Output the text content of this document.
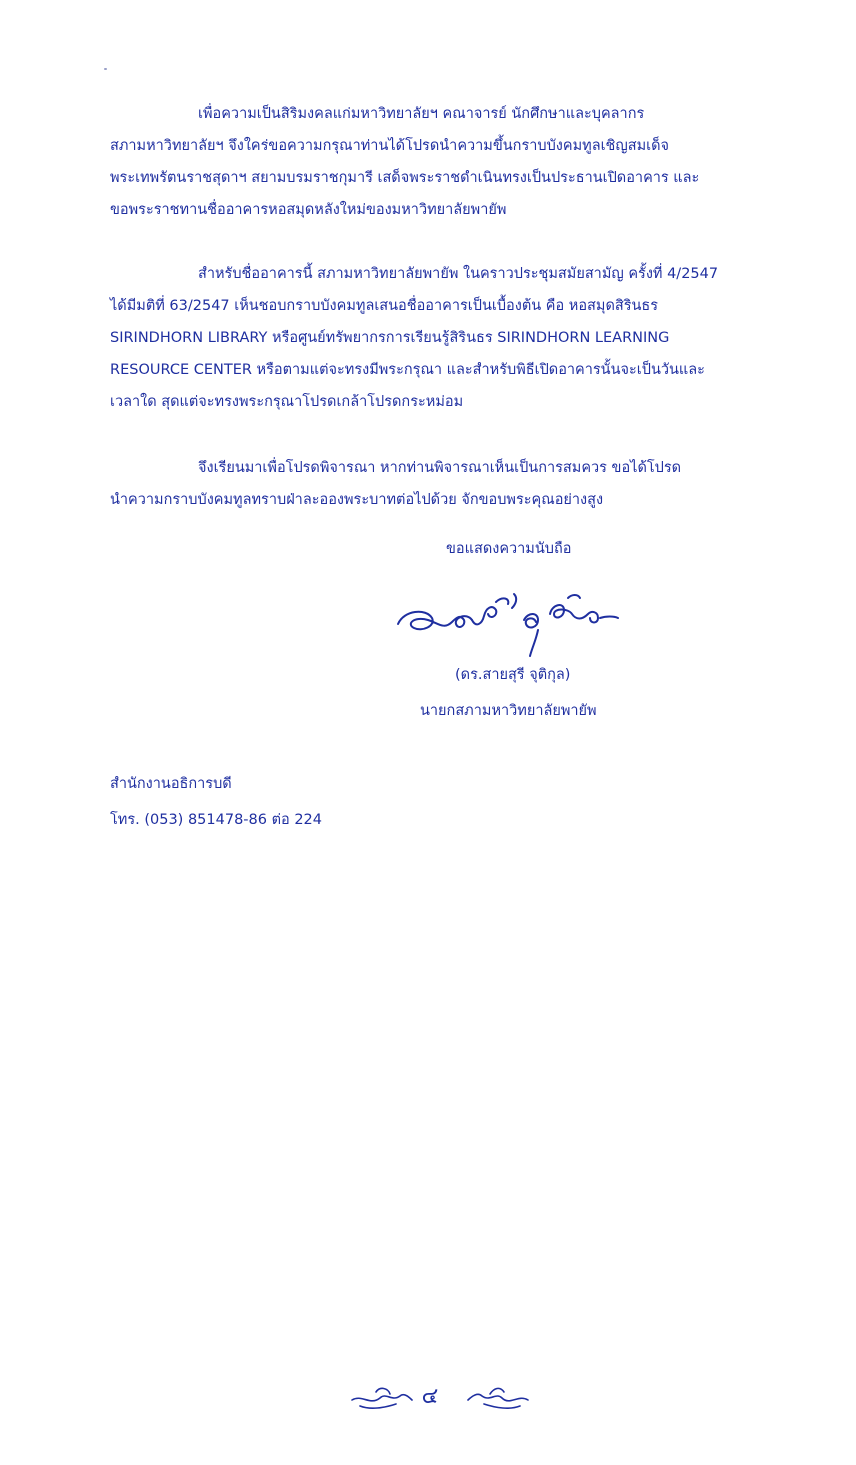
เพื่อความเป็นสิริมงคลแก่มหาวิทยาลัยฯ คณาจารย์ นักศึกษาและบุคลากร
สภามหาวิทยาลัยฯ จึงใคร่ขอความกรุณาท่านได้โปรดนำความขึ้นกราบบังคมทูลเชิญสมเด็จ
พระเทพรัตนราชสุดาฯ สยามบรมราชกุมารี เสด็จพระราชดำเนินทรงเป็นประธานเปิดอาคาร และ
ขอพระราชทานชื่ออาคารหอสมุดหลังใหม่ของมหาวิทยาลัยพายัพ

สำหรับชื่ออาคารนี้ สภามหาวิทยาลัยพายัพ ในคราวประชุมสมัยสามัญ ครั้งที่ 4/2547
ได้มีมติที่ 63/2547 เห็นชอบกราบบังคมทูลเสนอชื่ออาคารเป็นเบื้องต้น คือ หอสมุดสิรินธร
SIRINDHORN LIBRARY หรือศูนย์ทรัพยากรการเรียนรู้สิรินธร SIRINDHORN LEARNING
RESOURCE CENTER หรือตามแต่จะทรงมีพระกรุณา และสำหรับพิธีเปิดอาคารนั้นจะเป็นวันและ
เวลาใด สุดแต่จะทรงพระกรุณาโปรดเกล้าโปรดกระหม่อม

จึงเรียนมาเพื่อโปรดพิจารณา หากท่านพิจารณาเห็นเป็นการสมควร ขอได้โปรด
นำความกราบบังคมทูลทราบฝ่าละอองพระบาทต่อไปด้วย จักขอบพระคุณอย่างสูง

ขอแสดงความนับถือ
(ดร.สายสุรี จุติกุล)
นายกสภามหาวิทยาลัยพายัพ
สำนักงานอธิการบดี
โทร. (053) 851478-86 ต่อ 224
๔
